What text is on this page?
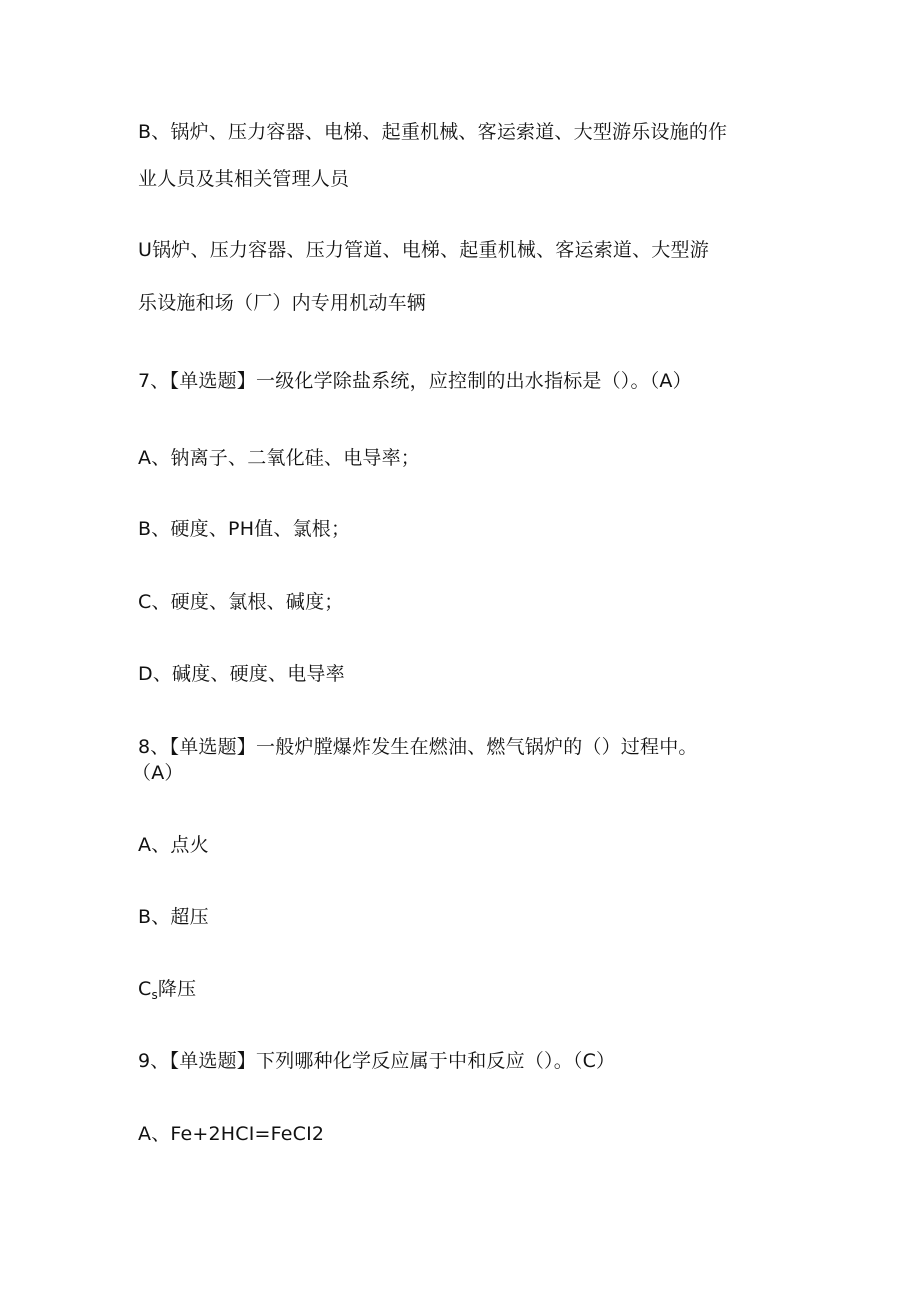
B、锅炉、压力容器、电梯、起重机械、客运索道、大型游乐设施的作
业人员及其相关管理人员
U锅炉、压力容器、压力管道、电梯、起重机械、客运索道、大型游
乐设施和场（厂）内专用机动车辆
7、【单选题】一级化学除盐系统，应控制的出水指标是（）。（A）
A、钠离子、二氧化硅、电导率；
B、硬度、PH值、氯根；
C、硬度、氯根、碱度；
D、碱度、硬度、电导率
8、【单选题】一般炉膛爆炸发生在燃油、燃气锅炉的（）过程中。
（A）
A、点火
B、超压
$C_s$降压
9、【单选题】下列哪种化学反应属于中和反应（）。（C）
A、Fe+2HCI=FeCI2
